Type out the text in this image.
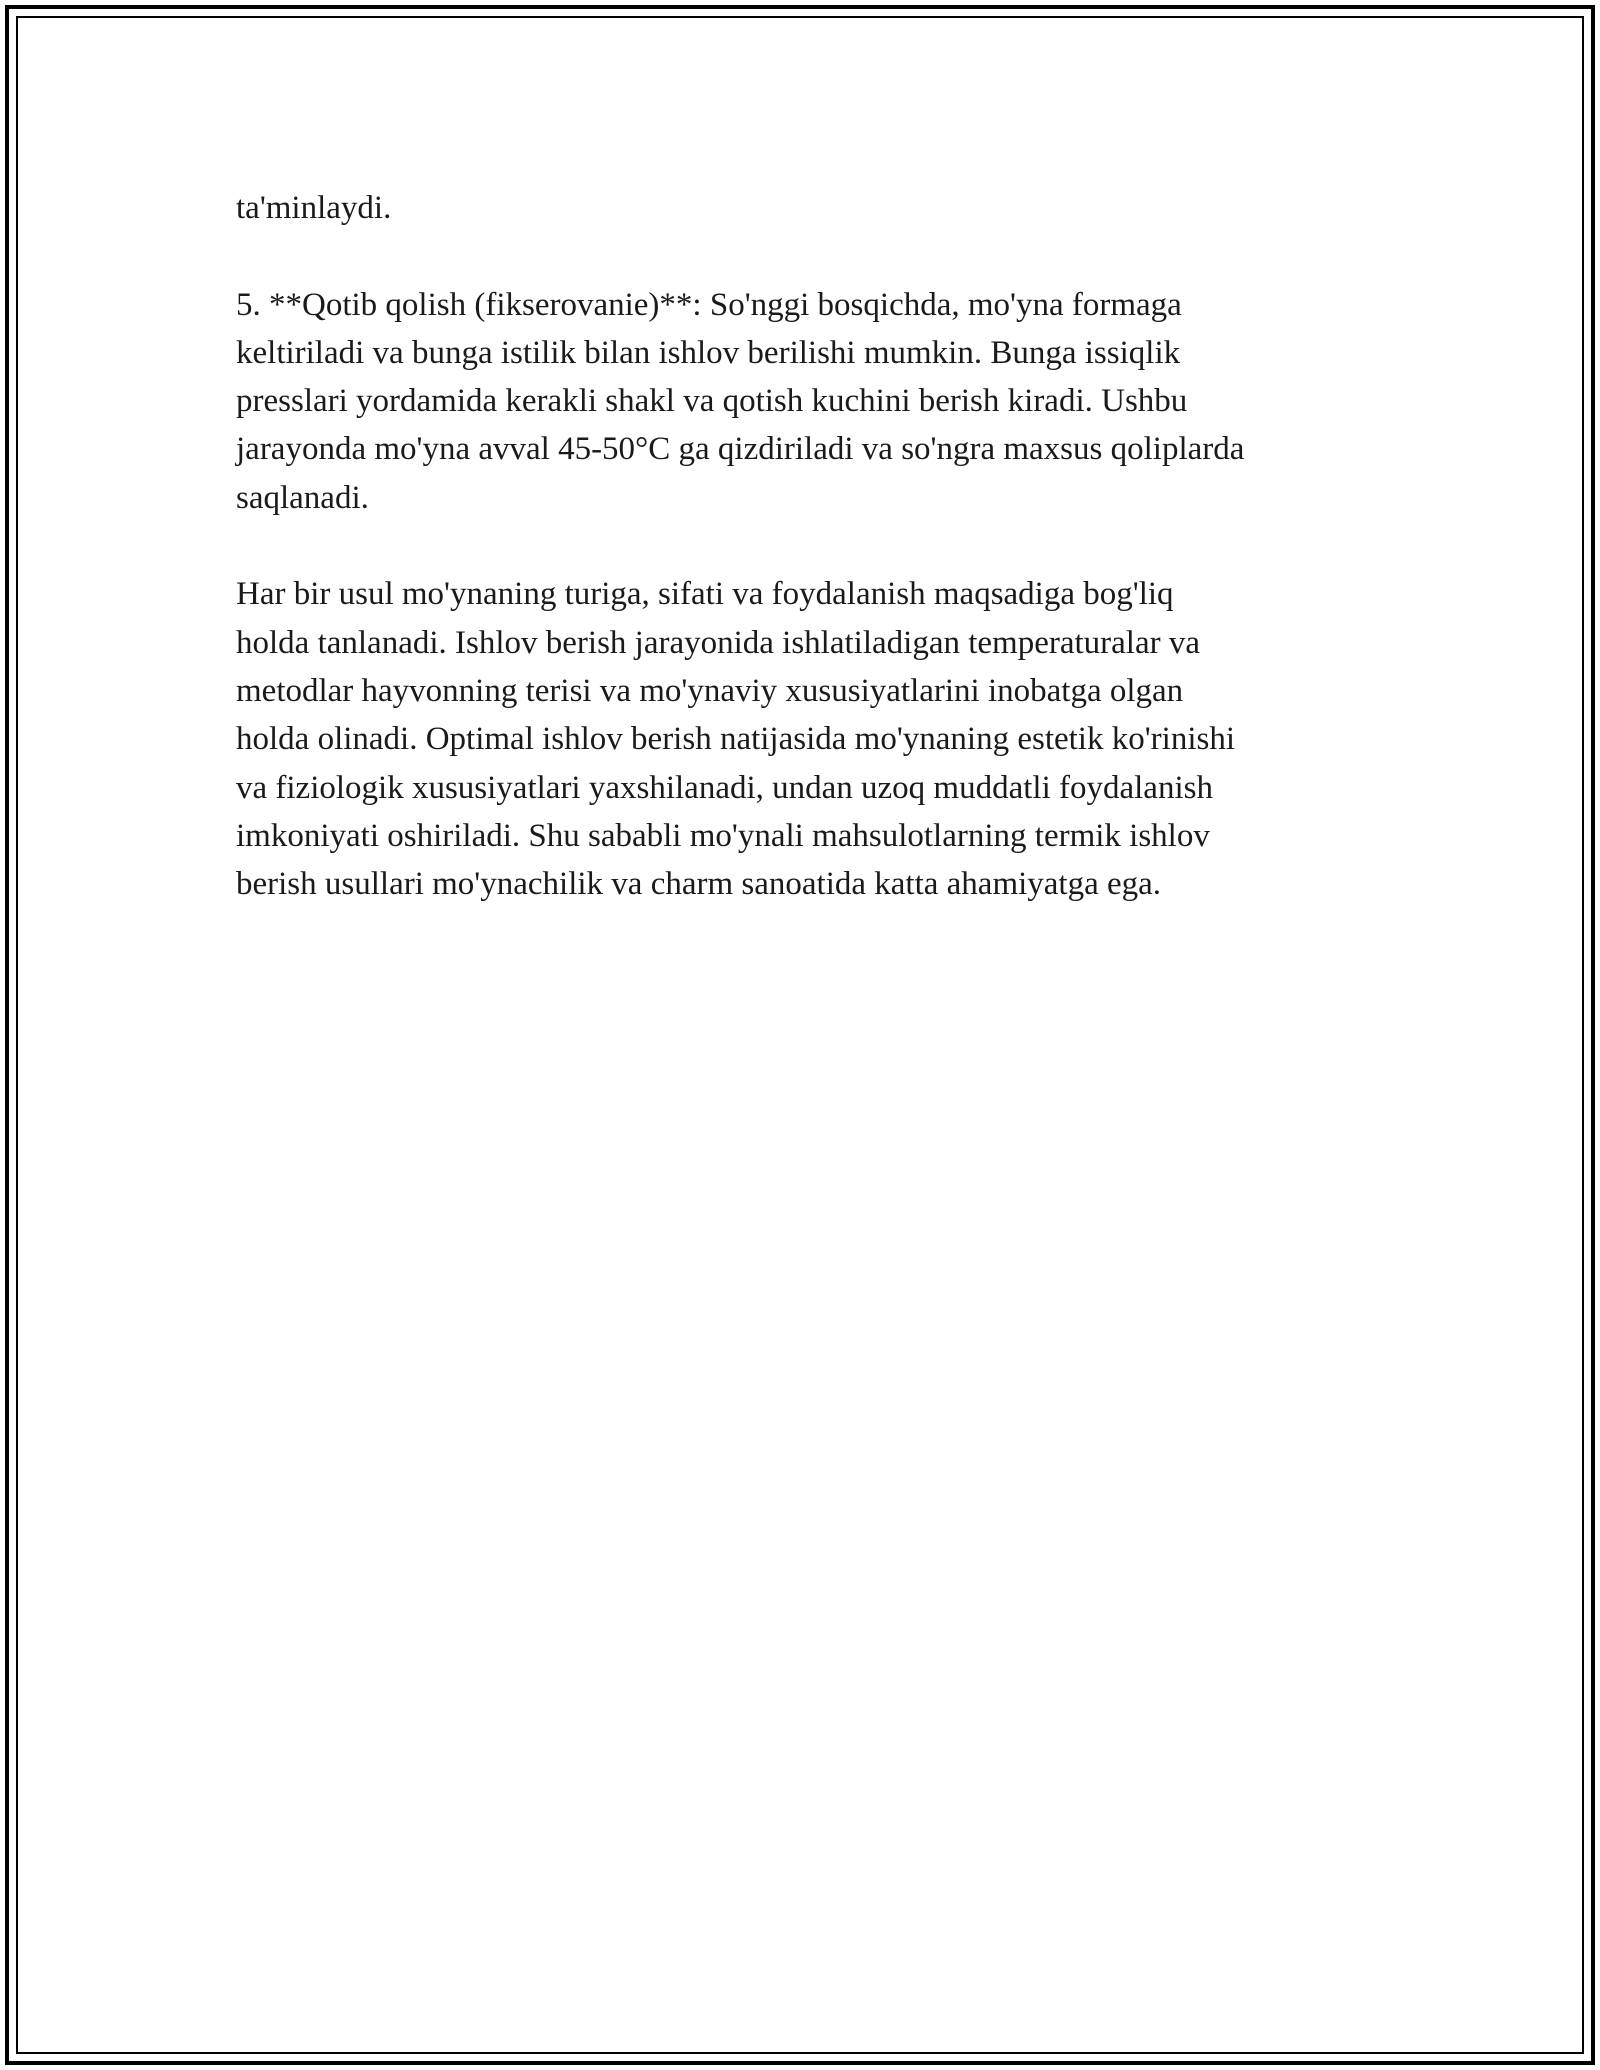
ta'minlaydi.

5. **Qotib qolish (fikserovanie)**: So'nggi bosqichda, mo'yna formaga
keltiriladi va bunga istilik bilan ishlov berilishi mumkin. Bunga issiqlik
presslari yordamida kerakli shakl va qotish kuchini berish kiradi. Ushbu
jarayonda mo'yna avval 45-50°C ga qizdiriladi va so'ngra maxsus qoliplarda
saqlanadi.

Har bir usul mo'ynaning turiga, sifati va foydalanish maqsadiga bog'liq
holda tanlanadi. Ishlov berish jarayonida ishlatiladigan temperaturalar va
metodlar hayvonning terisi va mo'ynaviy xususiyatlarini inobatga olgan
holda olinadi. Optimal ishlov berish natijasida mo'ynaning estetik ko'rinishi
va fiziologik xususiyatlari yaxshilanadi, undan uzoq muddatli foydalanish
imkoniyati oshiriladi. Shu sababli mo'ynali mahsulotlarning termik ishlov
berish usullari mo'ynachilik va charm sanoatida katta ahamiyatga ega.
